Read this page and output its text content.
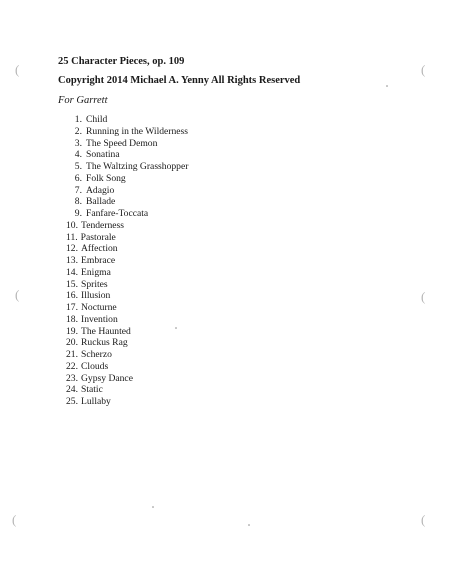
25 Character Pieces, op. 109
Copyright 2014 Michael A. Yenny All Rights Reserved
For Garrett
1. Child
2. Running in the Wilderness
3. The Speed Demon
4. Sonatina
5. The Waltzing Grasshopper
6. Folk Song
7. Adagio
8. Ballade
9. Fanfare-Toccata
10. Tenderness
11. Pastorale
12. Affection
13. Embrace
14. Enigma
15. Sprites
16. Illusion
17. Nocturne
18. Invention
19. The Haunted
20. Ruckus Rag
21. Scherzo
22. Clouds
23. Gypsy Dance
24. Static
25. Lullaby
(	(
(	(
(	(
